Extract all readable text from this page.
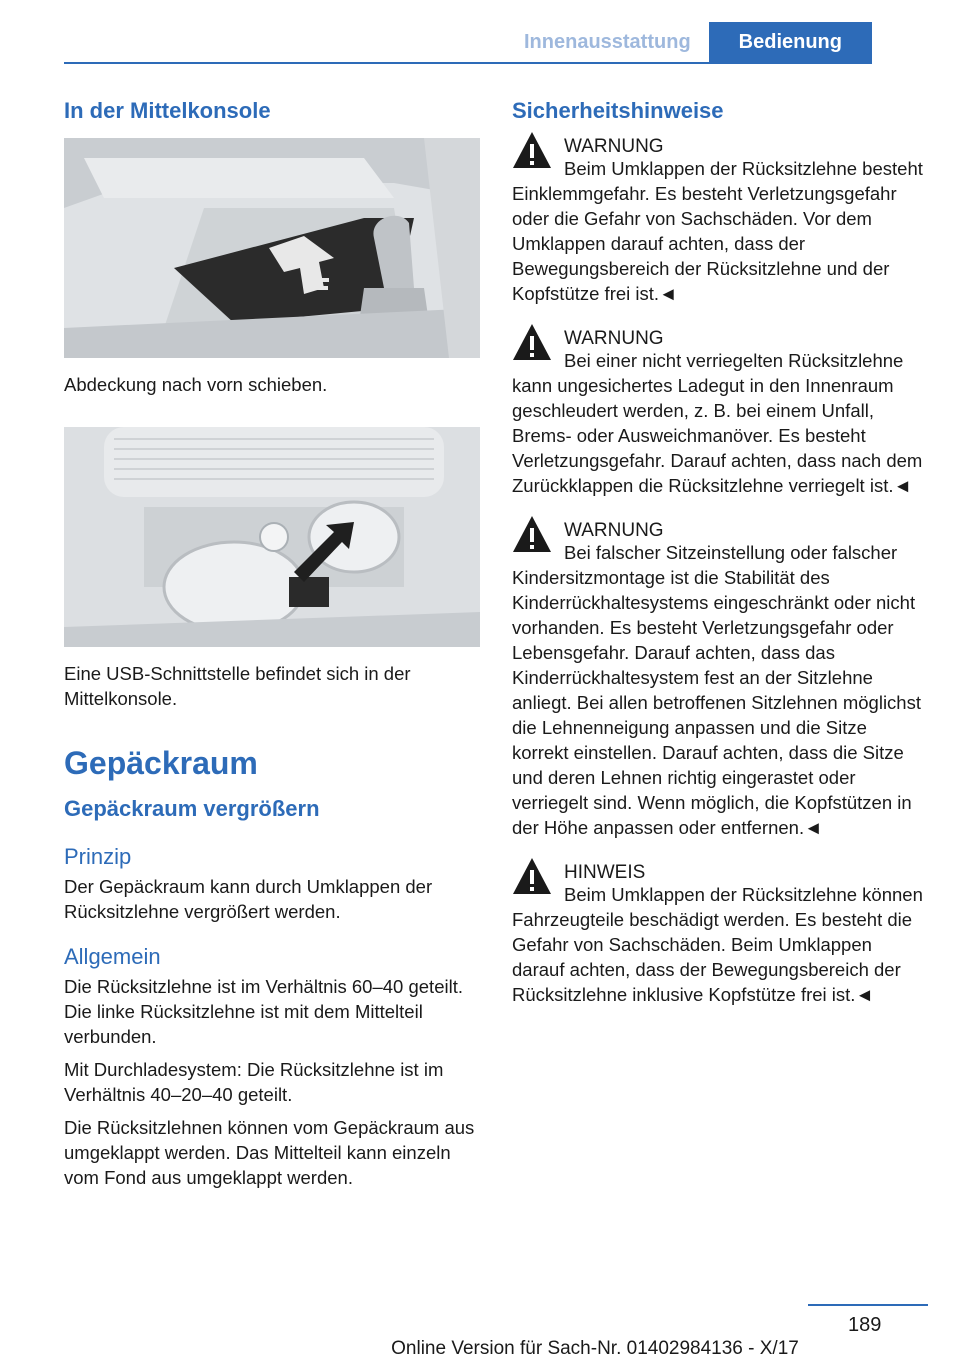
Innenausstattung	Bedienung
In der Mittelkonsole

Abdeckung nach vorn schieben.

Eine USB-Schnittstelle befindet sich in der Mittelkonsole.

Gepäckraum
Gepäckraum vergrößern
Prinzip

Der Gepäckraum kann durch Umklappen der Rücksitzlehne vergrößert werden.

Allgemein

Die Rücksitzlehne ist im Verhältnis 60–40 geteilt. Die linke Rücksitzlehne ist mit dem Mittelteil verbunden.

Mit Durchladesystem: Die Rücksitzlehne ist im Verhältnis 40–20–40 geteilt.

Die Rücksitzlehnen können vom Gepäckraum aus umgeklappt werden. Das Mittelteil kann einzeln vom Fond aus umgeklappt werden.

Sicherheitshinweise
WARNUNG

Beim Umklappen der Rücksitzlehne besteht Einklemmgefahr. Es besteht Verletzungsgefahr oder die Gefahr von Sachschäden. Vor dem Umklappen darauf achten, dass der Bewegungsbereich der Rücksitzlehne und der Kopfstütze frei ist.◄

WARNUNG

Bei einer nicht verriegelten Rücksitzlehne kann ungesichertes Ladegut in den Innenraum geschleudert werden, z. B. bei einem Unfall, Brems- oder Ausweichmanöver. Es besteht Verletzungsgefahr. Darauf achten, dass nach dem Zurückklappen die Rücksitzlehne verriegelt ist.◄

WARNUNG

Bei falscher Sitzeinstellung oder falscher Kindersitzmontage ist die Stabilität des Kinderrückhaltesystems eingeschränkt oder nicht vorhanden. Es besteht Verletzungsgefahr oder Lebensgefahr. Darauf achten, dass das Kinderrückhaltesystem fest an der Sitzlehne anliegt. Bei allen betroffenen Sitzlehnen möglichst die Lehnenneigung anpassen und die Sitze korrekt einstellen. Darauf achten, dass die Sitze und deren Lehnen richtig eingerastet oder verriegelt sind. Wenn möglich, die Kopfstützen in der Höhe anpassen oder entfernen.◄

HINWEIS

Beim Umklappen der Rücksitzlehne können Fahrzeugteile beschädigt werden. Es besteht die Gefahr von Sachschäden. Beim Umklappen darauf achten, dass der Bewegungsbereich der Rücksitzlehne inklusive Kopfstütze frei ist.◄

189
Online Version für Sach-Nr. 01402984136 - X/17
